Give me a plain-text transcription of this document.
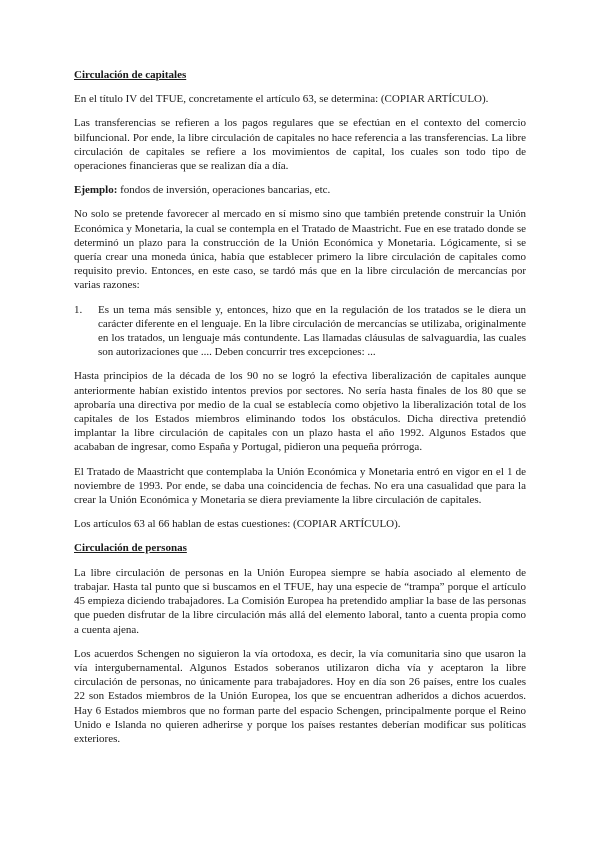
Circulación de capitales

En el título IV del TFUE, concretamente el artículo 63, se determina: (COPIAR ARTÍCULO).

Las transferencias se refieren a los pagos regulares que se efectúan en el contexto del comercio bilfuncional. Por ende, la libre circulación de capitales no hace referencia a las transferencias. La libre circulación de capitales se refiere a los movimientos de capital, los cuales son todo tipo de operaciones financieras que se realizan día a día.

Ejemplo: fondos de inversión, operaciones bancarias, etc.

No solo se pretende favorecer al mercado en sí mismo sino que también pretende construir la Unión Económica y Monetaria, la cual se contempla en el Tratado de Maastricht. Fue en ese tratado donde se determinó un plazo para la construcción de la Unión Económica y Monetaria. Lógicamente, si se quería crear una moneda única, había que establecer primero la libre circulación de capitales como requisito previo. Entonces, en este caso, se tardó más que en la libre circulación de mercancías por varias razones:

1.	Es un tema más sensible y, entonces, hizo que en la regulación de los tratados se le diera un carácter diferente en el lenguaje. En la libre circulación de mercancías se utilizaba, originalmente en los tratados, un lenguaje más contundente. Las llamadas cláusulas de salvaguardia, las cuales son autorizaciones que .... Deben concurrir tres excepciones: ...

Hasta principios de la década de los 90 no se logró la efectiva liberalización de capitales aunque anteriormente habían existido intentos previos por sectores. No sería hasta finales de los 80 que se aprobaría una directiva por medio de la cual se establecía como objetivo la liberalización total de los capitales de los Estados miembros eliminando todos los obstáculos. Dicha directiva pretendió implantar la libre circulación de capitales con un plazo hasta el año 1992. Algunos Estados que acababan de ingresar, como España y Portugal, pidieron una pequeña prórroga.

El Tratado de Maastricht que contemplaba la Unión Económica y Monetaria entró en vigor en el 1 de noviembre de 1993. Por ende, se daba una coincidencia de fechas. No era una casualidad que para la crear la Unión Económica y Monetaria se diera previamente la libre circulación de capitales.

Los artículos 63 al 66 hablan de estas cuestiones: (COPIAR ARTÍCULO).

Circulación de personas

La libre circulación de personas en la Unión Europea siempre se había asociado al elemento de trabajar. Hasta tal punto que si buscamos en el TFUE, hay una especie de “trampa” porque el artículo 45 empieza diciendo trabajadores. La Comisión Europea ha pretendido ampliar la base de las personas que pueden disfrutar de la libre circulación más allá del elemento laboral, tanto a cuenta propia como a cuenta ajena.

Los acuerdos Schengen no siguieron la vía ortodoxa, es decir, la vía comunitaria sino que usaron la vía intergubernamental. Algunos Estados soberanos utilizaron dicha vía y aceptaron la libre circulación de personas, no únicamente para trabajadores. Hoy en día son 26 países, entre los cuales 22 son Estados miembros de la Unión Europea, los que se encuentran adheridos a dichos acuerdos. Hay 6 Estados miembros que no forman parte del espacio Schengen, principalmente porque el Reino Unido e Islanda no quieren adherirse y porque los países restantes deberían modificar sus políticas exteriores.
